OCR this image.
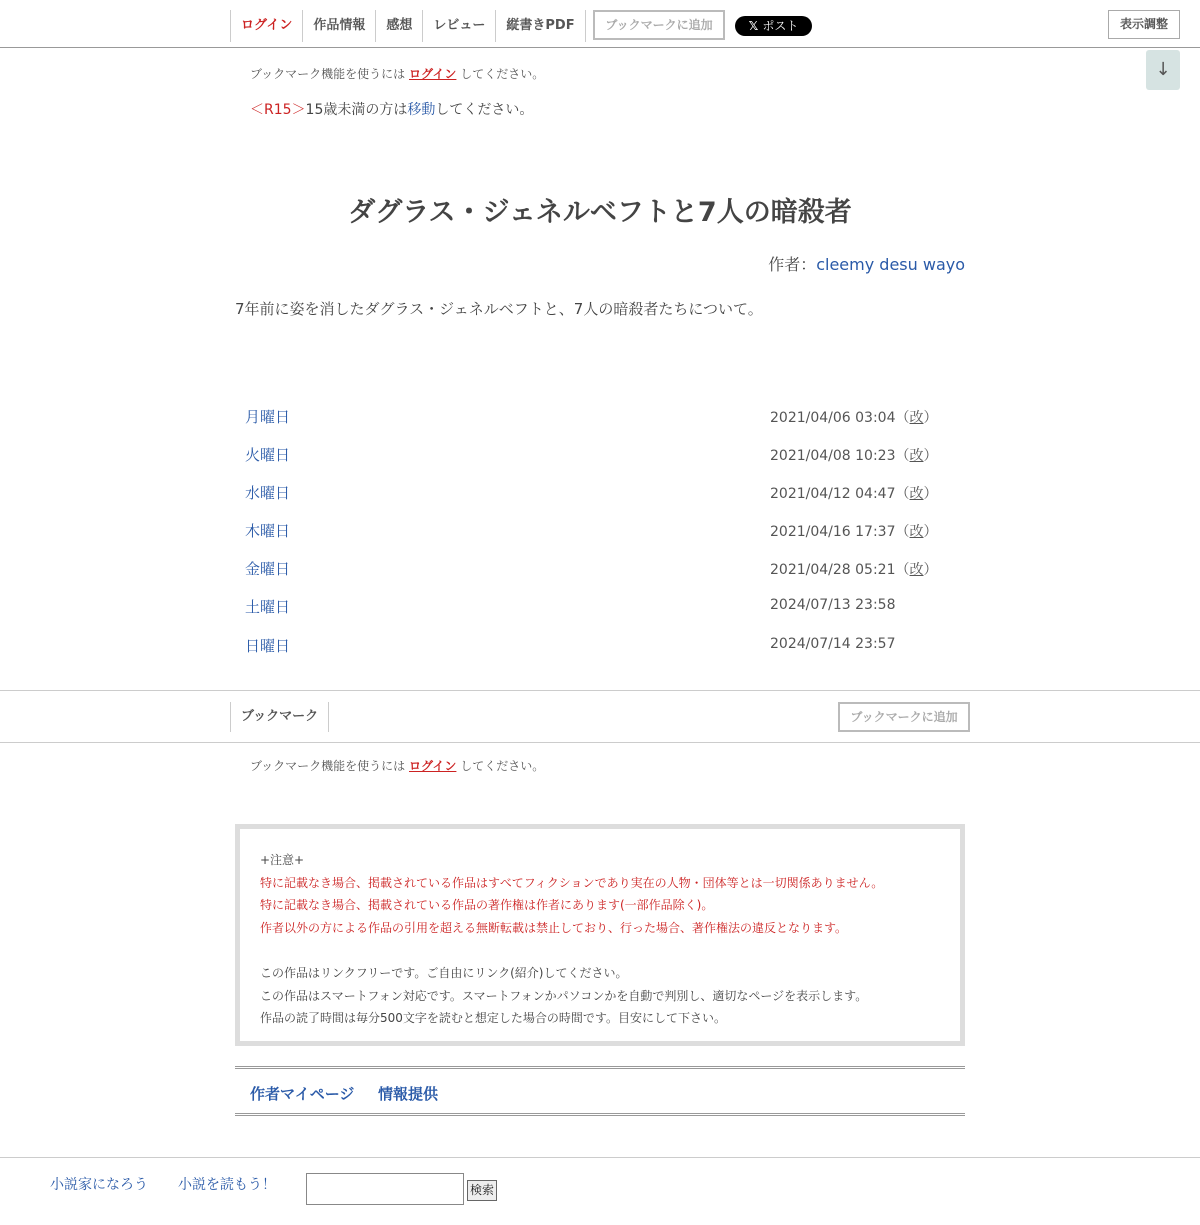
ログイン	作品情報	感想	レビュー	縦書きPDF	ブックマークに追加	𝕏 ポスト	表示調整
↓
ブックマーク機能を使うには ログイン してください。
＜R15＞15歳未満の方は移動してください。
ダグラス・ジェネルベフトと7人の暗殺者
作者：cleemy desu wayo

7年前に姿を消したダグラス・ジェネルベフトと、7人の暗殺者たちについて。

月曜日	2021/04/06 03:04（改）
火曜日	2021/04/08 10:23（改）
水曜日	2021/04/12 04:47（改）
木曜日	2021/04/16 17:37（改）
金曜日	2021/04/28 05:21（改）
土曜日	2024/07/13 23:58
日曜日	2024/07/14 23:57
ブックマーク	ブックマークに追加
ブックマーク機能を使うには ログイン してください。
+注意+
特に記載なき場合、掲載されている作品はすべてフィクションであり実在の人物・団体等とは一切関係ありません。
特に記載なき場合、掲載されている作品の著作権は作者にあります(一部作品除く)。
作者以外の方による作品の引用を超える無断転載は禁止しており、行った場合、著作権法の違反となります。
この作品はリンクフリーです。ご自由にリンク(紹介)してください。
この作品はスマートフォン対応です。スマートフォンかパソコンかを自動で判別し、適切なページを表示します。
作品の読了時間は毎分500文字を読むと想定した場合の時間です。目安にして下さい。
作者マイページ 情報提供
小説家になろう 小説を読もう！	検索
